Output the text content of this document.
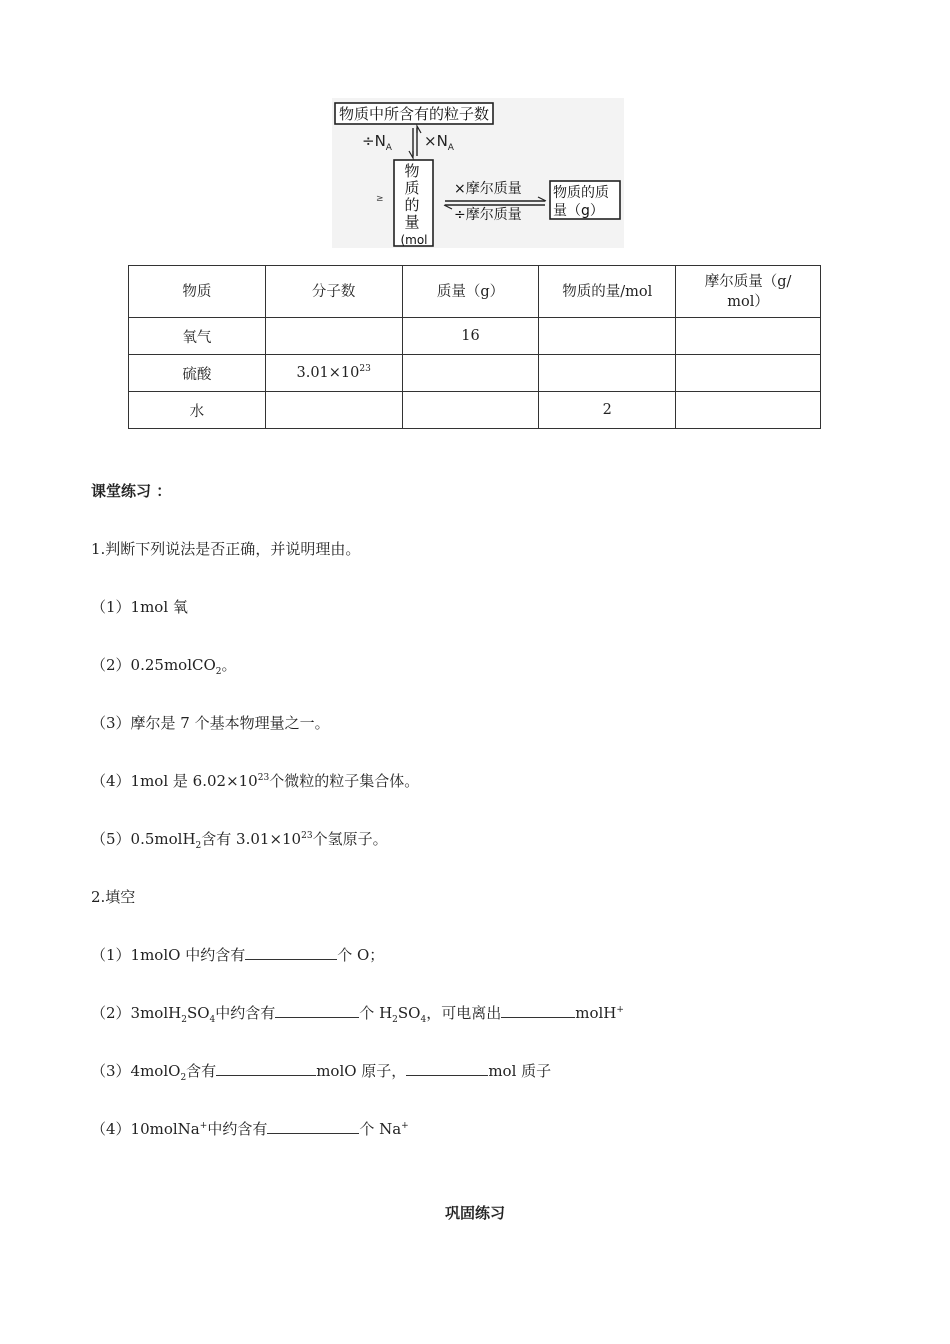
物质中所含有的粒子数
$\div N_A \times N_A$
≥
物
质
的
量
(mol
×摩尔质量
÷摩尔质量
物质的质
量（g）
物质	分子数	质量（g）	物质的量/mol	摩尔质量（g/
mol）
氧气		16		
硫酸	$3.01\times 10^{23}$			
水			2	
课堂练习 ：
1.判断下列说法是否正确，并说明理由。
（1）1mol 氧
（2）0.25molCO$_2$。
（3）摩尔是 7 个基本物理量之一。
（4）1mol 是 $6.02\times 10^{23}$个微粒的粒子集合体。
（5）0.5molH$_2$含有 $3.01\times 10^{23}$个氢原子。
2.填空
（1）1molO 中约含有	个 O；
$(2)3molH_2SO_4$中约含有	个 $H_2SO_4$，可电离出	molH+
（3）4molO$_2$含有	molO 原子，	mol 质子
（4）10molNa+中约含有	个 Na+
巩固练习
